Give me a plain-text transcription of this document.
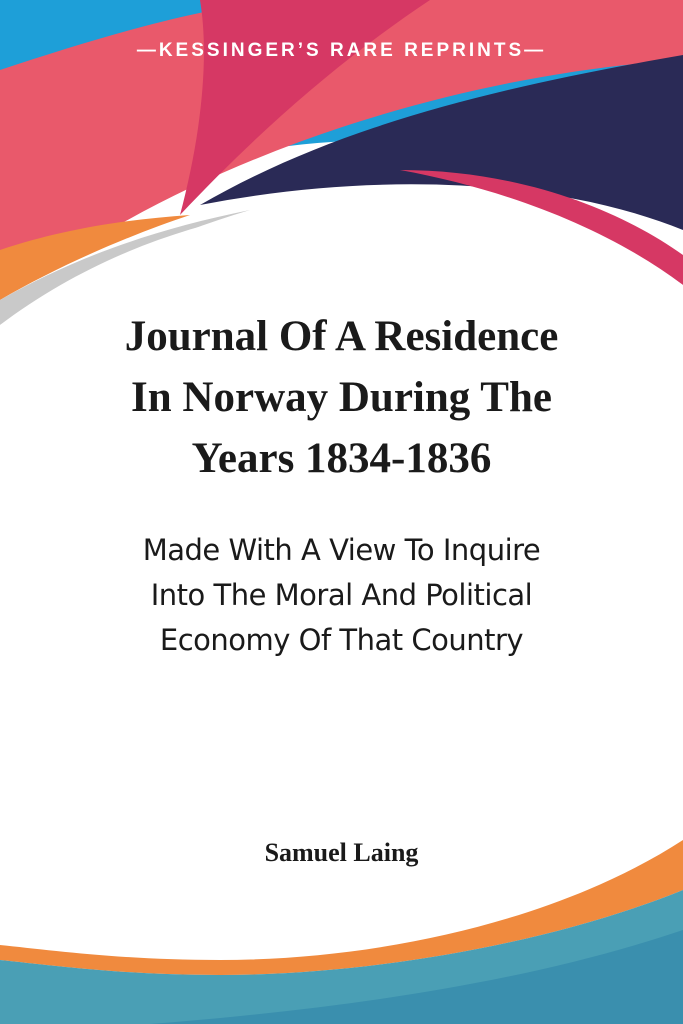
—KESSINGER’S RARE REPRINTS—
Journal Of A Residence
In Norway During The
Years 1834-1836
Made With A View To Inquire
Into The Moral And Political
Economy Of That Country
Samuel Laing
